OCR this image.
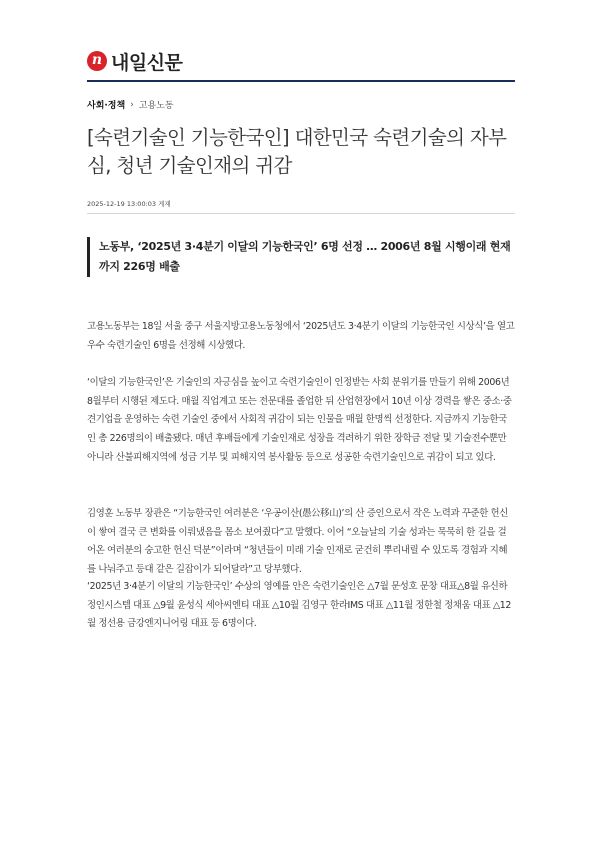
n 내일신문
사회·정책 › 고용노동
[숙련기술인 기능한국인] 대한민국 숙련기술의 자부심, 청년 기술인재의 귀감
2025-12-19 13:00:03 게재
노동부, ‘2025년 3·4분기 이달의 기능한국인’ 6명 선정 … 2006년 8월 시행이래 현재까지 226명 배출

고용노동부는 18일 서울 중구 서울지방고용노동청에서 ‘2025년도 3·4분기 이달의 기능한국인 시상식’을 열고 우수 숙련기술인 6명을 선정해 시상했다.

‘이달의 기능한국인’은 기술인의 자긍심을 높이고 숙련기술인이 인정받는 사회 분위기를 만들기 위해 2006년 8월부터 시행된 제도다. 매월 직업계고 또는 전문대를 졸업한 뒤 산업현장에서 10년 이상 경력을 쌓은 중소·중견기업을 운영하는 숙련 기술인 중에서 사회적 귀감이 되는 인물을 매월 한명씩 선정한다. 지금까지 기능한국인 총 226명의이 배출됐다. 매년 후배들에게 기술인재로 성장을 격려하기 위한 장학금 전달 및 기술전수뿐만 아니라 산불피해지역에 성금 기부 및 피해지역 봉사활동 등으로 성공한 숙련기술인으로 귀감이 되고 있다.

김영훈 노동부 장관은 “기능한국인 여러분은 ‘우공이산(愚公移山)’의 산 증인으로서 작은 노력과 꾸준한 헌신이 쌓여 결국 큰 변화를 이뤄냈음을 몸소 보여줬다”고 말했다. 이어 “오늘날의 기술 성과는 묵묵히 한 길을 걸어온 여러분의 숭고한 헌신 덕분”이라며 “청년들이 미래 기술 인재로 굳건히 뿌리내릴 수 있도록 경험과 지혜를 나눠주고 등대 같은 길잡이가 되어달라”고 당부했다.

‘2025년 3·4분기 이달의 기능한국인’ 수상의 영예를 안은 숙련기술인은 △7월 문성호 문창 대표△8월 유신하 정인시스템 대표 △9월 윤성식 세아씨엔티 대표 △10월 김영구 한라IMS 대표 △11월 정한철 정채움 대표 △12월 정선용 금강엔지니어링 대표 등 6명이다.
